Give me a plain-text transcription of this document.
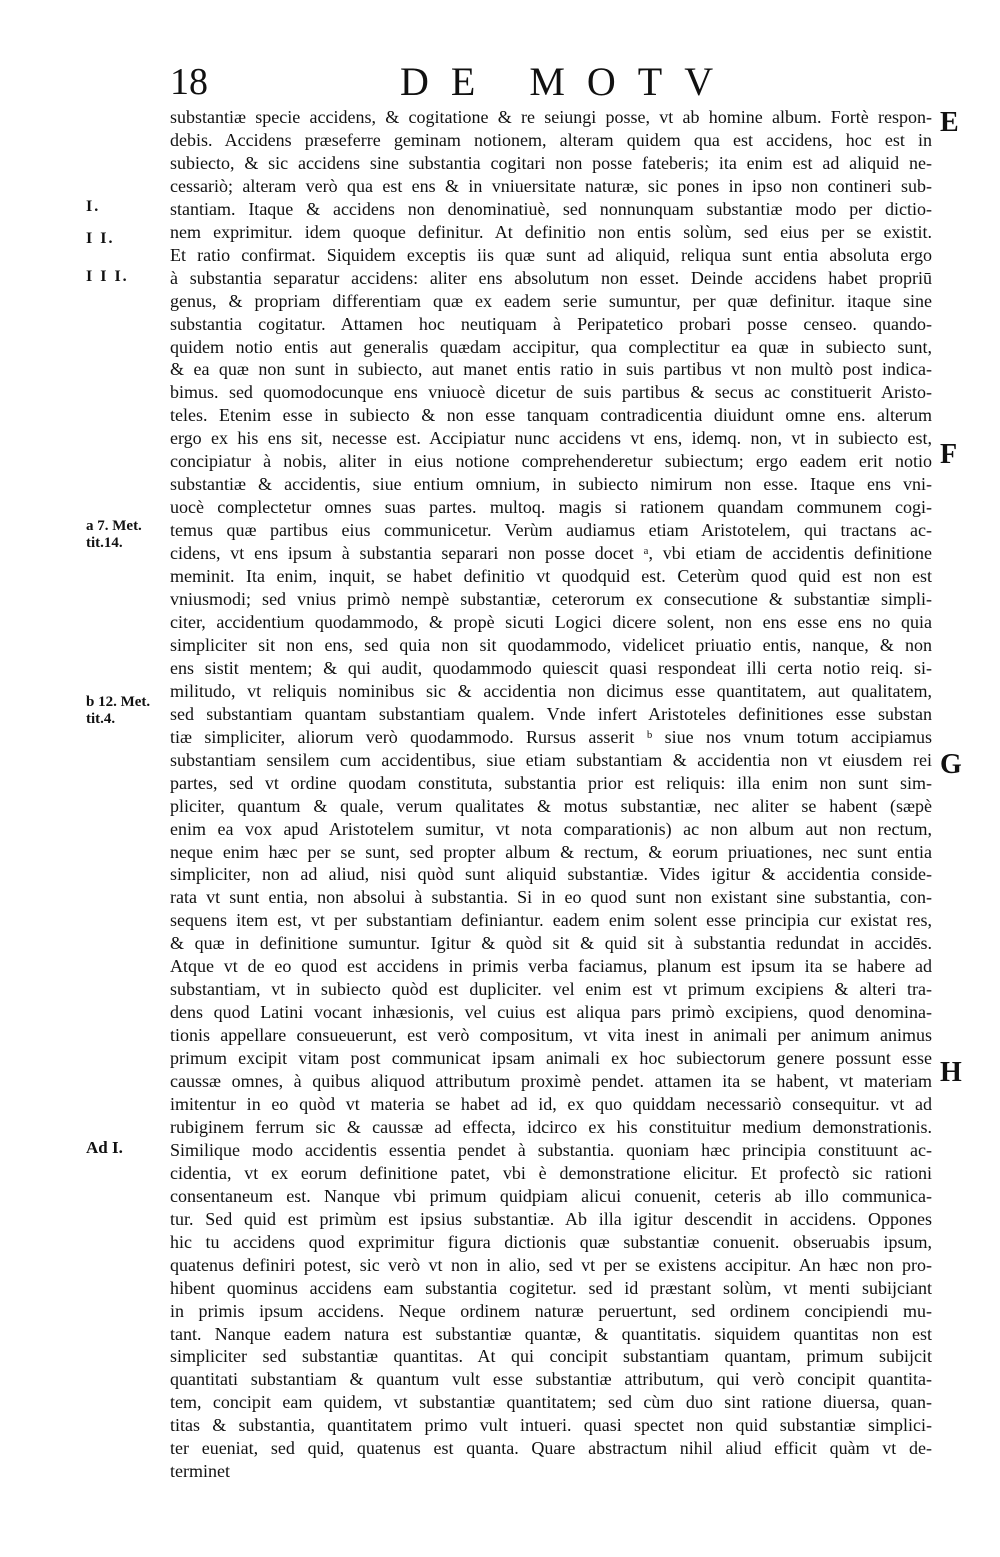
18	DE MOTV
I.
I I.
I I I.
a 7. Met. tit.14.
b 12. Met. tit.4.
Ad I.
E
F
G
H
substantiæ specie accidens, & cogitatione & re seiungi posse, vt ab homine album. Fortè respon-
debis. Accidens præseferre geminam notionem, alteram quidem qua est accidens, hoc est in
subiecto, & sic accidens sine substantia cogitari non posse fateberis; ita enim est ad aliquid ne-
cessariò; alteram verò qua est ens & in vniuersitate naturæ, sic pones in ipso non contineri sub-
stantiam. Itaque & accidens non denominatiuè, sed nonnunquam substantiæ modo per dictio-
nem exprimitur. idem quoque definitur. At definitio non entis solùm, sed eius per se existit.
Et ratio confirmat. Siquidem exceptis iis quæ sunt ad aliquid, reliqua sunt entia absoluta ergo
à substantia separatur accidens: aliter ens absolutum non esset. Deinde accidens habet propriū
genus, & propriam differentiam quæ ex eadem serie sumuntur, per quæ definitur. itaque sine
substantia cogitatur. Attamen hoc neutiquam à Peripatetico probari posse censeo. quando-
quidem notio entis aut generalis quædam accipitur, qua complectitur ea quæ in subiecto sunt,
& ea quæ non sunt in subiecto, aut manet entis ratio in suis partibus vt non multò post indica-
bimus. sed quomodocunque ens vniuocè dicetur de suis partibus & secus ac constituerit Aristo-
teles. Etenim esse in subiecto & non esse tanquam contradicentia diuidunt omne ens. alterum
ergo ex his ens sit, necesse est. Accipiatur nunc accidens vt ens, idemq. non, vt in subiecto est,
concipiatur à nobis, aliter in eius notione comprehenderetur subiectum; ergo eadem erit notio
substantiæ & accidentis, siue entium omnium, in subiecto nimirum non esse. Itaque ens vni-
uocè complectetur omnes suas partes. multoq. magis si rationem quandam communem cogi-
temus quæ partibus eius communicetur. Verùm audiamus etiam Aristotelem, qui tractans ac-
cidens, vt ens ipsum à substantia separari non posse docet ᵃ, vbi etiam de accidentis definitione
meminit. Ita enim, inquit, se habet definitio vt quodquid est. Ceterùm quod quid est non est
vniusmodi; sed vnius primò nempè substantiæ, ceterorum ex consecutione & substantiæ simpli-
citer, accidentium quodammodo, & propè sicuti Logici dicere solent, non ens esse ens no quia
simpliciter sit non ens, sed quia non sit quodammodo, videlicet priuatio entis, nanque, & non
ens sistit mentem; & qui audit, quodammodo quiescit quasi respondeat illi certa notio reiq. si-
militudo, vt reliquis nominibus sic & accidentia non dicimus esse quantitatem, aut qualitatem,
sed substantiam quantam substantiam qualem. Vnde infert Aristoteles definitiones esse substan
tiæ simpliciter, aliorum verò quodammodo. Rursus asserit ᵇ siue nos vnum totum accipiamus
substantiam sensilem cum accidentibus, siue etiam substantiam & accidentia non vt eiusdem rei
partes, sed vt ordine quodam constituta, substantia prior est reliquis: illa enim non sunt sim-
pliciter, quantum & quale, verum qualitates & motus substantiæ, nec aliter se habent (sæpè
enim ea vox apud Aristotelem sumitur, vt nota comparationis) ac non album aut non rectum,
neque enim hæc per se sunt, sed propter album & rectum, & eorum priuationes, nec sunt entia
simpliciter, non ad aliud, nisi quòd sunt aliquid substantiæ. Vides igitur & accidentia conside-
rata vt sunt entia, non absolui à substantia. Si in eo quod sunt non existant sine substantia, con-
sequens item est, vt per substantiam definiantur. eadem enim solent esse principia cur existat res,
& quæ in definitione sumuntur. Igitur & quòd sit & quid sit à substantia redundat in accidēs.
Atque vt de eo quod est accidens in primis verba faciamus, planum est ipsum ita se habere ad
substantiam, vt in subiecto quòd est dupliciter. vel enim est vt primum excipiens & alteri tra-
dens quod Latini vocant inhæsionis, vel cuius est aliqua pars primò excipiens, quod denomina-
tionis appellare consueuerunt, est verò compositum, vt vita inest in animali per animum animus
primum excipit vitam post communicat ipsam animali ex hoc subiectorum genere possunt esse
caussæ omnes, à quibus aliquod attributum proximè pendet. attamen ita se habent, vt materiam
imitentur in eo quòd vt materia se habet ad id, ex quo quiddam necessariò consequitur. vt ad
rubiginem ferrum sic & caussæ ad effecta, idcirco ex his constituitur medium demonstrationis.
Similique modo accidentis essentia pendet à substantia. quoniam hæc principia constituunt ac-
cidentia, vt ex eorum definitione patet, vbi è demonstratione elicitur. Et profectò sic rationi
consentaneum est. Nanque vbi primum quidpiam alicui conuenit, ceteris ab illo communica-
tur. Sed quid est primùm est ipsius substantiæ. Ab illa igitur descendit in accidens. Oppones
hic tu accidens quod exprimitur figura dictionis quæ substantiæ conuenit. obseruabis ipsum,
quatenus definiri potest, sic verò vt non in alio, sed vt per se existens accipitur. An hæc non pro-
hibent quominus accidens eam substantia cogitetur. sed id præstant solùm, vt menti subijciant
in primis ipsum accidens. Neque ordinem naturæ peruertunt, sed ordinem concipiendi mu-
tant. Nanque eadem natura est substantiæ quantæ, & quantitatis. siquidem quantitas non est
simpliciter sed substantiæ quantitas. At qui concipit substantiam quantam, primum subijcit
quantitati substantiam & quantum vult esse substantiæ attributum, qui verò concipit quantita-
tem, concipit eam quidem, vt substantiæ quantitatem; sed cùm duo sint ratione diuersa, quan-
titas & substantia, quantitatem primo vult intueri. quasi spectet non quid substantiæ simplici-
ter eueniat, sed quid, quatenus est quanta. Quare abstractum nihil aliud efficit quàm vt de-
terminet
